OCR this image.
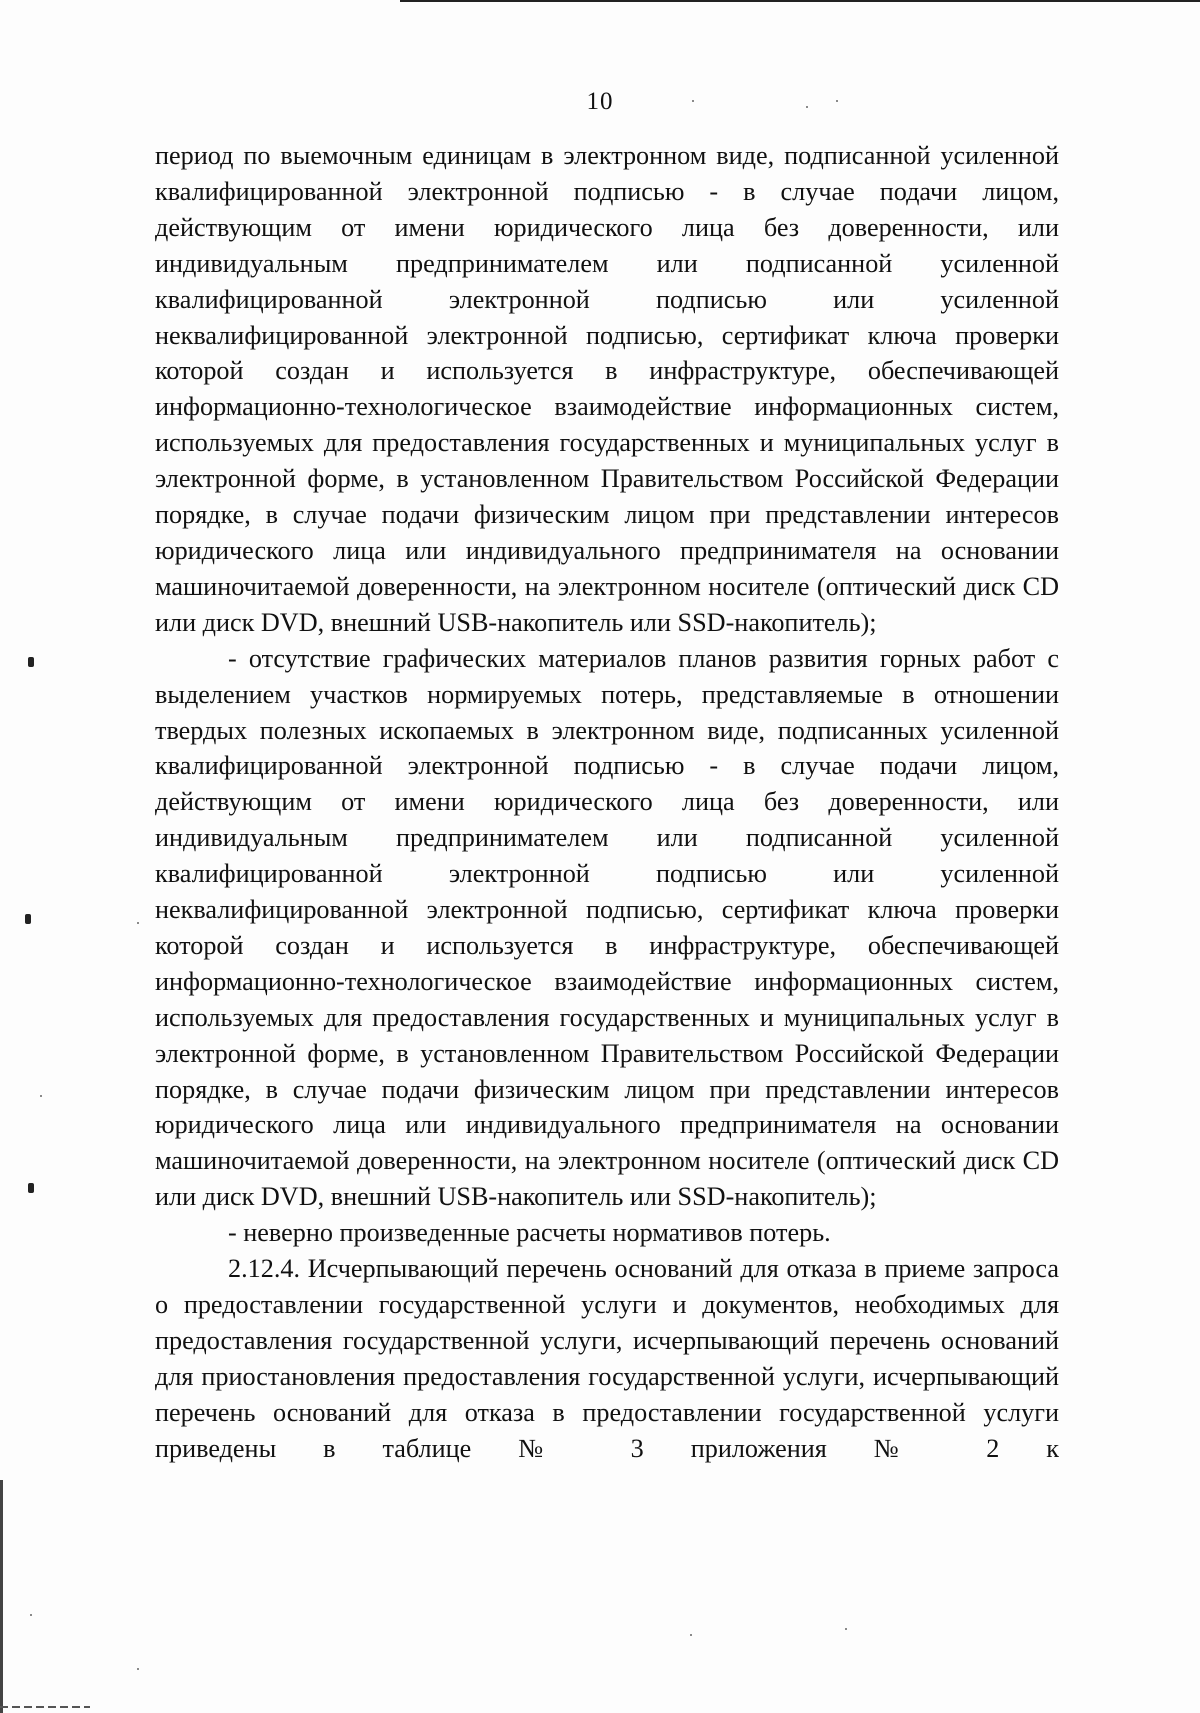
10

период по выемочным единицам в электронном виде, подписанной усиленной квалифицированной электронной подписью - в случае подачи лицом, действующим от имени юридического лица без доверенности, или индивидуальным предпринимателем или подписанной усиленной квалифицированной электронной подписью или усиленной неквалифицированной электронной подписью, сертификат ключа проверки которой создан и используется в инфраструктуре, обеспечивающей информационно-технологическое взаимодействие информационных систем, используемых для предоставления государственных и муниципальных услуг в электронной форме, в установленном Правительством Российской Федерации порядке, в случае подачи физическим лицом при представлении интересов юридического лица или индивидуального предпринимателя на основании машиночитаемой доверенности, на электронном носителе (оптический диск CD или диск DVD, внешний USB-накопитель или SSD-накопитель);

- отсутствие графических материалов планов развития горных работ с выделением участков нормируемых потерь, представляемые в отношении твердых полезных ископаемых в электронном виде, подписанных усиленной квалифицированной электронной подписью - в случае подачи лицом, действующим от имени юридического лица без доверенности, или индивидуальным предпринимателем или подписанной усиленной квалифицированной электронной подписью или усиленной неквалифицированной электронной подписью, сертификат ключа проверки которой создан и используется в инфраструктуре, обеспечивающей информационно-технологическое взаимодействие информационных систем, используемых для предоставления государственных и муниципальных услуг в электронной форме, в установленном Правительством Российской Федерации порядке, в случае подачи физическим лицом при представлении интересов юридического лица или индивидуального предпринимателя на основании машиночитаемой доверенности, на электронном носителе (оптический диск CD или диск DVD, внешний USB-накопитель или SSD-накопитель);

- неверно произведенные расчеты нормативов потерь.

2.12.4. Исчерпывающий перечень оснований для отказа в приеме запроса о предоставлении государственной услуги и документов, необходимых для предоставления государственной услуги, исчерпывающий перечень оснований для приостановления предоставления государственной услуги, исчерпывающий перечень оснований для отказа в предоставлении государственной услуги приведены в таблице № 3 приложения № 2 к
